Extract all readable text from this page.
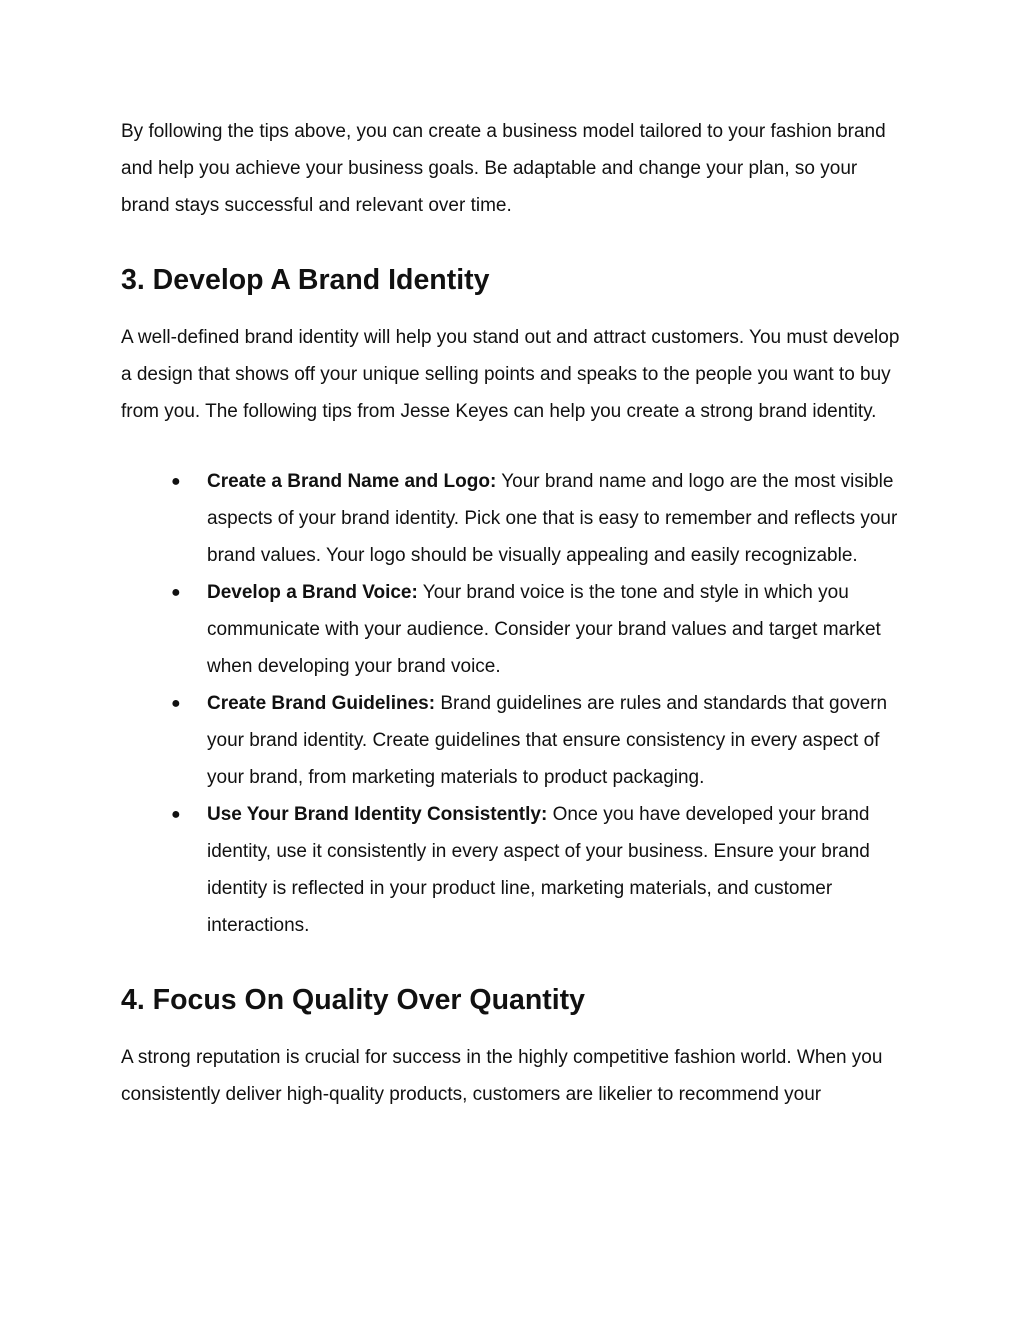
By following the tips above, you can create a business model tailored to your fashion brand and help you achieve your business goals. Be adaptable and change your plan, so your brand stays successful and relevant over time.

3. Develop A Brand Identity

A well-defined brand identity will help you stand out and attract customers. You must develop a design that shows off your unique selling points and speaks to the people you want to buy from you. The following tips from Jesse Keyes can help you create a strong brand identity.

● Create a Brand Name and Logo: Your brand name and logo are the most visible aspects of your brand identity. Pick one that is easy to remember and reflects your brand values. Your logo should be visually appealing and easily recognizable.
● Develop a Brand Voice: Your brand voice is the tone and style in which you communicate with your audience. Consider your brand values and target market when developing your brand voice.
● Create Brand Guidelines: Brand guidelines are rules and standards that govern your brand identity. Create guidelines that ensure consistency in every aspect of your brand, from marketing materials to product packaging.
● Use Your Brand Identity Consistently: Once you have developed your brand identity, use it consistently in every aspect of your business. Ensure your brand identity is reflected in your product line, marketing materials, and customer interactions.
4. Focus On Quality Over Quantity

A strong reputation is crucial for success in the highly competitive fashion world. When you consistently deliver high-quality products, customers are likelier to recommend your
